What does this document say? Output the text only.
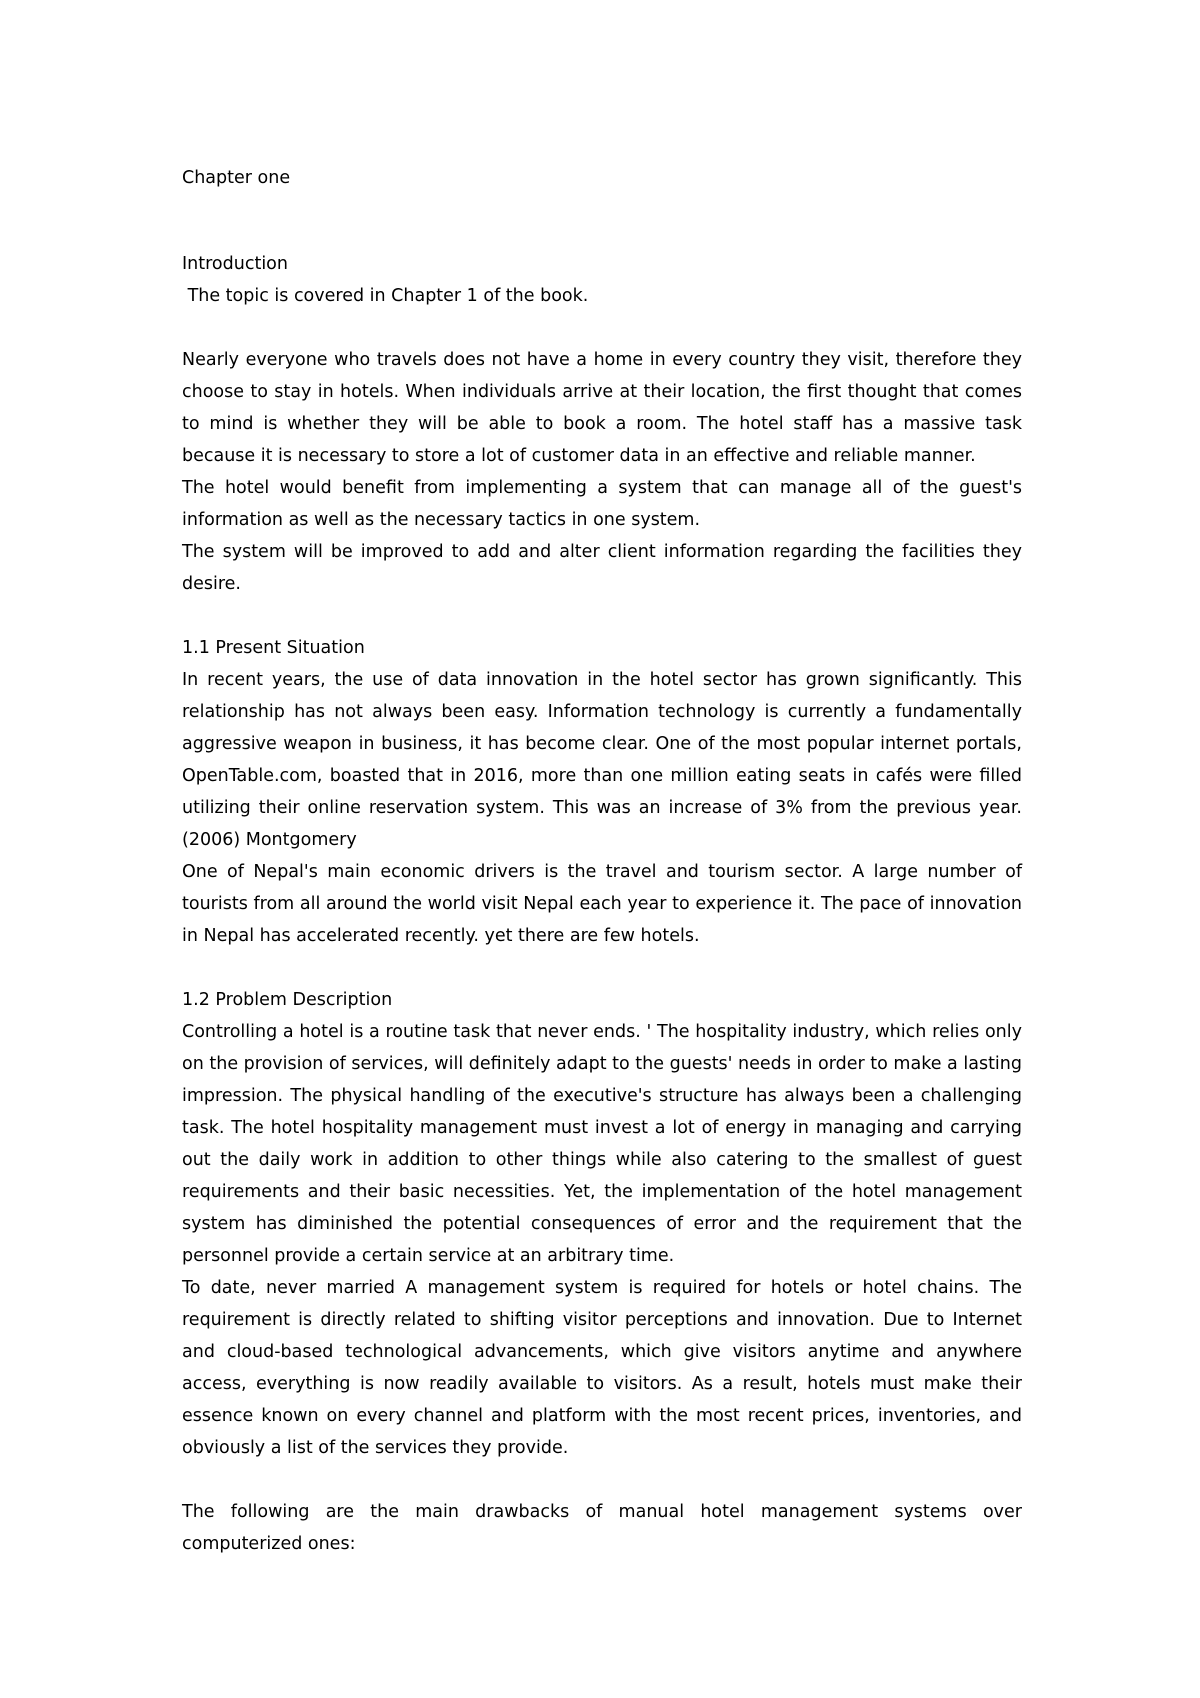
Chapter one
Introduction

The topic is covered in Chapter 1 of the book.

Nearly everyone who travels does not have a home in every country they visit, therefore they choose to stay in hotels. When individuals arrive at their location, the first thought that comes to mind is whether they will be able to book a room. The hotel staff has a massive task because it is necessary to store a lot of customer data in an effective and reliable manner.

The hotel would benefit from implementing a system that can manage all of the guest's information as well as the necessary tactics in one system.

The system will be improved to add and alter client information regarding the facilities they desire.

1.1 Present Situation

In recent years, the use of data innovation in the hotel sector has grown significantly. This relationship has not always been easy. Information technology is currently a fundamentally aggressive weapon in business, it has become clear. One of the most popular internet portals, OpenTable.com, boasted that in 2016, more than one million eating seats in cafés were filled utilizing their online reservation system. This was an increase of 3% from the previous year. (2006) Montgomery

One of Nepal's main economic drivers is the travel and tourism sector. A large number of tourists from all around the world visit Nepal each year to experience it. The pace of innovation in Nepal has accelerated recently. yet there are few hotels.

1.2 Problem Description

Controlling a hotel is a routine task that never ends. ' The hospitality industry, which relies only on the provision of services, will definitely adapt to the guests' needs in order to make a lasting impression. The physical handling of the executive's structure has always been a challenging task. The hotel hospitality management must invest a lot of energy in managing and carrying out the daily work in addition to other things while also catering to the smallest of guest requirements and their basic necessities. Yet, the implementation of the hotel management system has diminished the potential consequences of error and the requirement that the personnel provide a certain service at an arbitrary time.

To date, never married A management system is required for hotels or hotel chains. The requirement is directly related to shifting visitor perceptions and innovation. Due to Internet and cloud-based technological advancements, which give visitors anytime and anywhere access, everything is now readily available to visitors. As a result, hotels must make their essence known on every channel and platform with the most recent prices, inventories, and obviously a list of the services they provide.

The following are the main drawbacks of manual hotel management systems over computerized ones:
